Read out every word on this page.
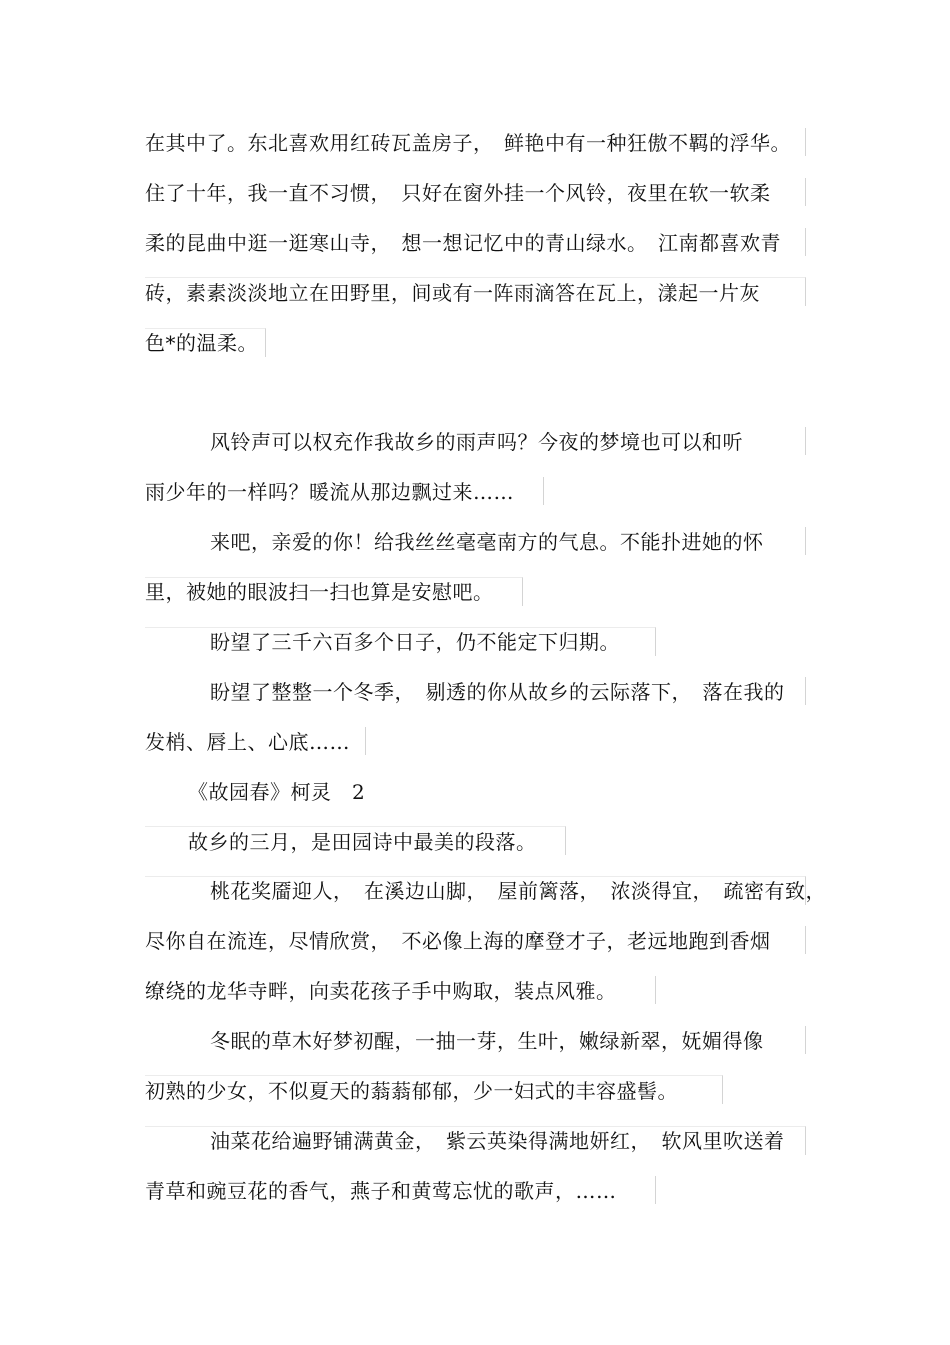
在其中了。东北喜欢用红砖瓦盖房子，　鲜艳中有一种狂傲不羁的浮华。
住了十年，我一直不习惯，　只好在窗外挂一个风铃，夜里在软一软柔
柔的昆曲中逛一逛寒山寺，　想一想记忆中的青山绿水。　江南都喜欢青
砖，素素淡淡地立在田野里，间或有一阵雨滴答在瓦上，漾起一片灰
色*的温柔。
风铃声可以权充作我故乡的雨声吗？今夜的梦境也可以和听
雨少年的一样吗？暖流从那边飘过来……
来吧，亲爱的你！给我丝丝毫毫南方的气息。不能扑进她的怀
里，被她的眼波扫一扫也算是安慰吧。
盼望了三千六百多个日子，仍不能定下归期。
盼望了整整一个冬季，　剔透的你从故乡的云际落下，　落在我的
发梢、唇上、心底……
《故园春》柯灵　2
故乡的三月，是田园诗中最美的段落。
桃花奖靥迎人，　在溪边山脚，　屋前篱落，　浓淡得宜，　疏密有致，
尽你自在流连，尽情欣赏，　不必像上海的摩登才子，老远地跑到香烟
缭绕的龙华寺畔，向卖花孩子手中购取，装点风雅。
冬眠的草木好梦初醒，一抽一芽，生叶，嫩绿新翠，妩媚得像
初熟的少女，不似夏天的蓊蓊郁郁，少一妇式的丰容盛髻。
油菜花给遍野铺满黄金，　紫云英染得满地妍红，　软风里吹送着
青草和豌豆花的香气，燕子和黄莺忘忧的歌声，……
